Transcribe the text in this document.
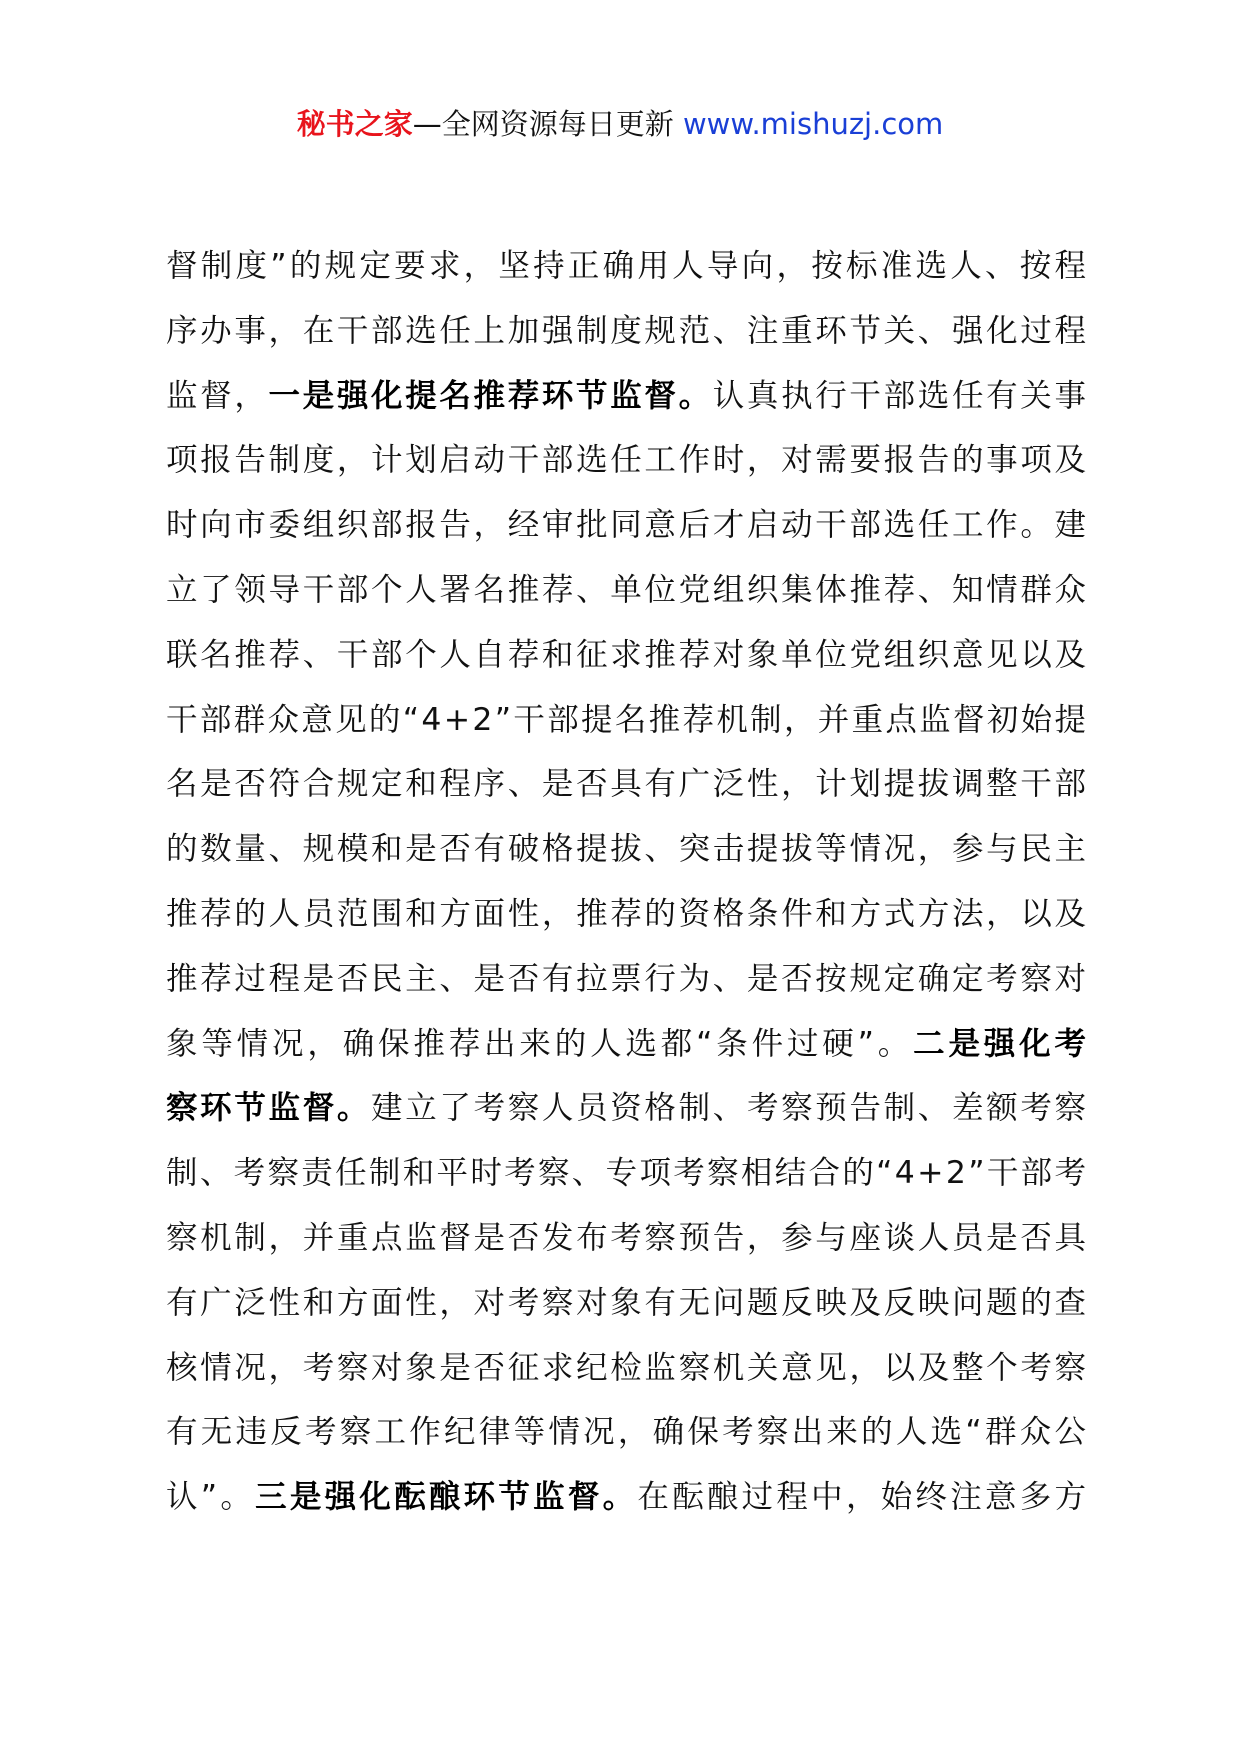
秘书之家—全网资源每日更新 www.mishuzj.com
督制度”的规定要求，坚持正确用人导向，按标准选人、按程
序办事，在干部选任上加强制度规范、注重环节关、强化过程
监督，一是强化提名推荐环节监督。认真执行干部选任有关事
项报告制度，计划启动干部选任工作时，对需要报告的事项及
时向市委组织部报告，经审批同意后才启动干部选任工作。建
立了领导干部个人署名推荐、单位党组织集体推荐、知情群众
联名推荐、干部个人自荐和征求推荐对象单位党组织意见以及
干部群众意见的“4+2”干部提名推荐机制，并重点监督初始提
名是否符合规定和程序、是否具有广泛性，计划提拔调整干部
的数量、规模和是否有破格提拔、突击提拔等情况，参与民主
推荐的人员范围和方面性，推荐的资格条件和方式方法，以及
推荐过程是否民主、是否有拉票行为、是否按规定确定考察对
象等情况，确保推荐出来的人选都“条件过硬”。二是强化考
察环节监督。建立了考察人员资格制、考察预告制、差额考察
制、考察责任制和平时考察、专项考察相结合的“4+2”干部考
察机制，并重点监督是否发布考察预告，参与座谈人员是否具
有广泛性和方面性，对考察对象有无问题反映及反映问题的查
核情况，考察对象是否征求纪检监察机关意见，以及整个考察
有无违反考察工作纪律等情况，确保考察出来的人选“群众公
认”。三是强化酝酿环节监督。在酝酿过程中，始终注意多方
